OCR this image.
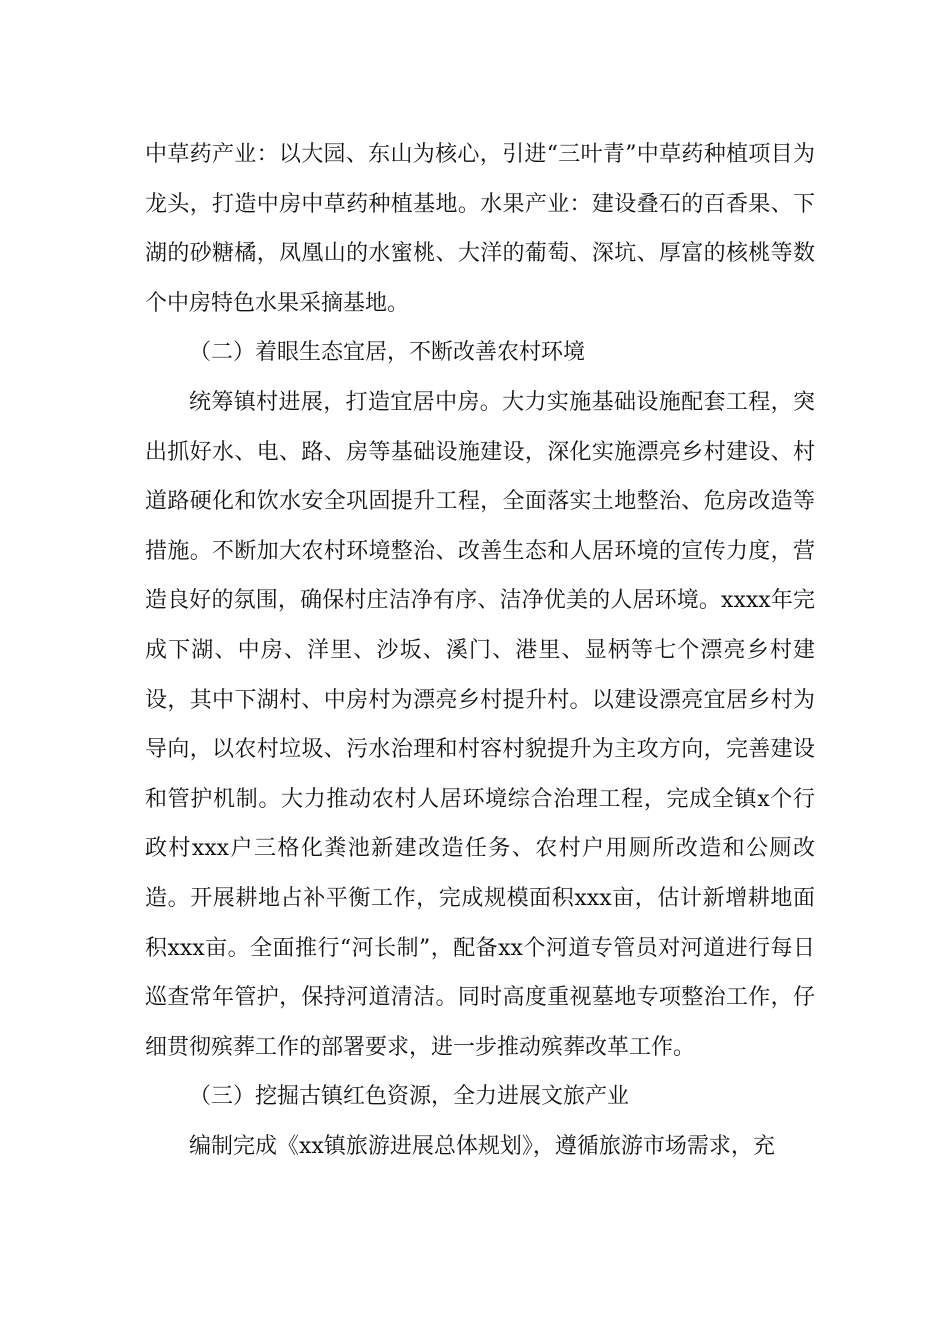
中草药产业：以大园、东山为核心，引进“三叶青”中草药种植项目为龙头，打造中房中草药种植基地。水果产业：建设叠石的百香果、下湖的砂糖橘，凤凰山的水蜜桃、大洋的葡萄、深坑、厚富的核桃等数个中房特色水果采摘基地。

（二）着眼生态宜居，不断改善农村环境

统筹镇村进展，打造宜居中房。大力实施基础设施配套工程，突出抓好水、电、路、房等基础设施建设，深化实施漂亮乡村建设、村道路硬化和饮水安全巩固提升工程，全面落实土地整治、危房改造等措施。不断加大农村环境整治、改善生态和人居环境的宣传力度，营造良好的氛围，确保村庄洁净有序、洁净优美的人居环境。xxxx年完成下湖、中房、洋里、沙坂、溪门、港里、显柄等七个漂亮乡村建设，其中下湖村、中房村为漂亮乡村提升村。以建设漂亮宜居乡村为导向，以农村垃圾、污水治理和村容村貌提升为主攻方向，完善建设和管护机制。大力推动农村人居环境综合治理工程，完成全镇x个行政村xxx户三格化粪池新建改造任务、农村户用厕所改造和公厕改造。开展耕地占补平衡工作，完成规模面积xxx亩，估计新增耕地面积xxx亩。全面推行“河长制”，配备xx个河道专管员对河道进行每日巡查常年管护，保持河道清洁。同时高度重视墓地专项整治工作，仔细贯彻殡葬工作的部署要求，进一步推动殡葬改革工作。

（三）挖掘古镇红色资源，全力进展文旅产业

编制完成《xx镇旅游进展总体规划》，遵循旅游市场需求，充
